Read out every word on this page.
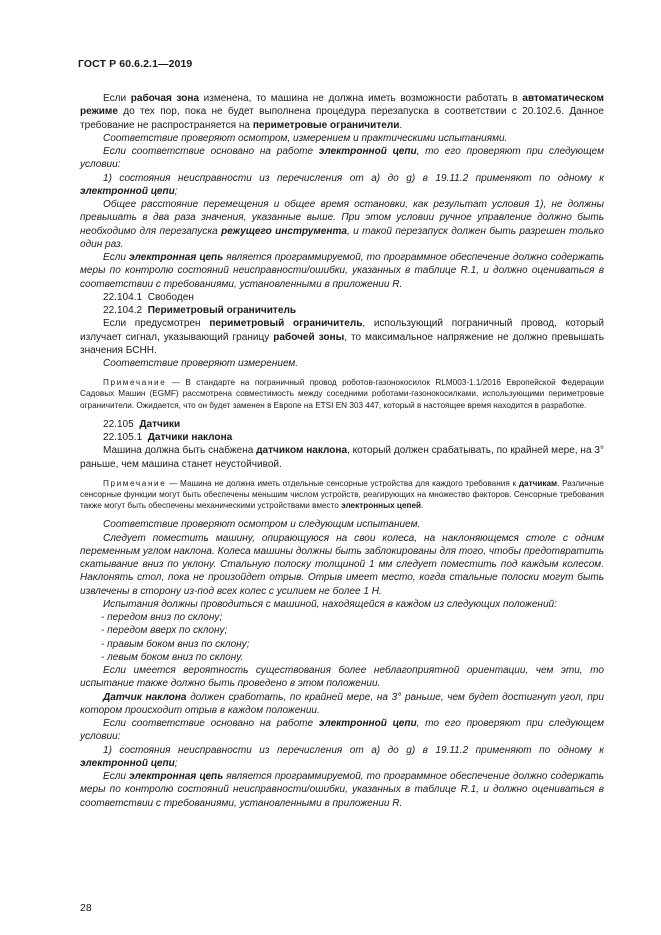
ГОСТ Р 60.6.2.1—2019

Если рабочая зона изменена, то машина не должна иметь возможности работать в автоматическом режиме до тех пор, пока не будет выполнена процедура перезапуска в соответствии с 20.102.6. Данное требование не распространяется на периметровые ограничители.

Соответствие проверяют осмотром, измерением и практическими испытаниями.

Если соответствие основано на работе электронной цепи, то его проверяют при следующем условии:

1) состояния неисправности из перечисления от а) до g) в 19.11.2 применяют по одному к электронной цепи;

Общее расстояние перемещения и общее время остановки, как результат условия 1), не должны превышать в два раза значения, указанные выше. При этом условии ручное управление должно быть необходимо для перезапуска режущего инструмента, и такой перезапуск должен быть разрешен только один раз.

Если электронная цепь является программируемой, то программное обеспечение должно содержать меры по контролю состояний неисправности/ошибки, указанных в таблице R.1, и должно оцениваться в соответствии с требованиями, установленными в приложении R.

22.104.1 Свободен

22.104.2 Периметровый ограничитель

Если предусмотрен периметровый ограничитель, использующий пограничный провод, который излучает сигнал, указывающий границу рабочей зоны, то максимальное напряжение не должно превышать значения БСНН.

Соответствие проверяют измерением.

Примечание — В стандарте на пограничный провод роботов-газонокосилок RLM003-1.1/2016 Европейской Федерации Садовых Машин (EGMF) рассмотрена совместимость между соседними роботами-газонокосилками, использующими периметровые ограничители. Ожидается, что он будет заменен в Европе на ETSI EN 303 447, который в настоящее время находится в разработке.

22.105 Датчики

22.105.1 Датчики наклона

Машина должна быть снабжена датчиком наклона, который должен срабатывать, по крайней мере, на 3° раньше, чем машина станет неустойчивой.

Примечание — Машина не должна иметь отдельные сенсорные устройства для каждого требования к датчикам. Различные сенсорные функции могут быть обеспечены меньшим числом устройств, реагирующих на множество факторов. Сенсорные требования также могут быть обеспечены механическими устройствами вместо электронных цепей.

Соответствие проверяют осмотром и следующим испытанием.

Следует поместить машину, опирающуюся на свои колеса, на наклоняющемся столе с одним переменным углом наклона. Колеса машины должны быть заблокированы для того, чтобы предотвратить скатывание вниз по уклону. Стальную полоску толщиной 1 мм следует поместить под каждым колесом. Наклонять стол, пока не произойдет отрыв. Отрыв имеет место, когда стальные полоски могут быть извлечены в сторону из-под всех колес с усилием не более 1 Н.

Испытания должны проводиться с машиной, находящейся в каждом из следующих положений:

- передом вниз по склону;

- передом вверх по склону;

- правым боком вниз по склону;

- левым боком вниз по склону.

Если имеется вероятность существования более неблагоприятной ориентации, чем эти, то испытание также должно быть проведено в этом положении.

Датчик наклона должен сработать, по крайней мере, на 3° раньше, чем будет достигнут угол, при котором происходит отрыв в каждом положении.

Если соответствие основано на работе электронной цепи, то его проверяют при следующем условии:

1) состояния неисправности из перечисления от а) до g) в 19.11.2 применяют по одному к электронной цепи;

Если электронная цепь является программируемой, то программное обеспечение должно содержать меры по контролю состояний неисправности/ошибки, указанных в таблице R.1, и должно оцениваться в соответствии с требованиями, установленными в приложении R.

28
